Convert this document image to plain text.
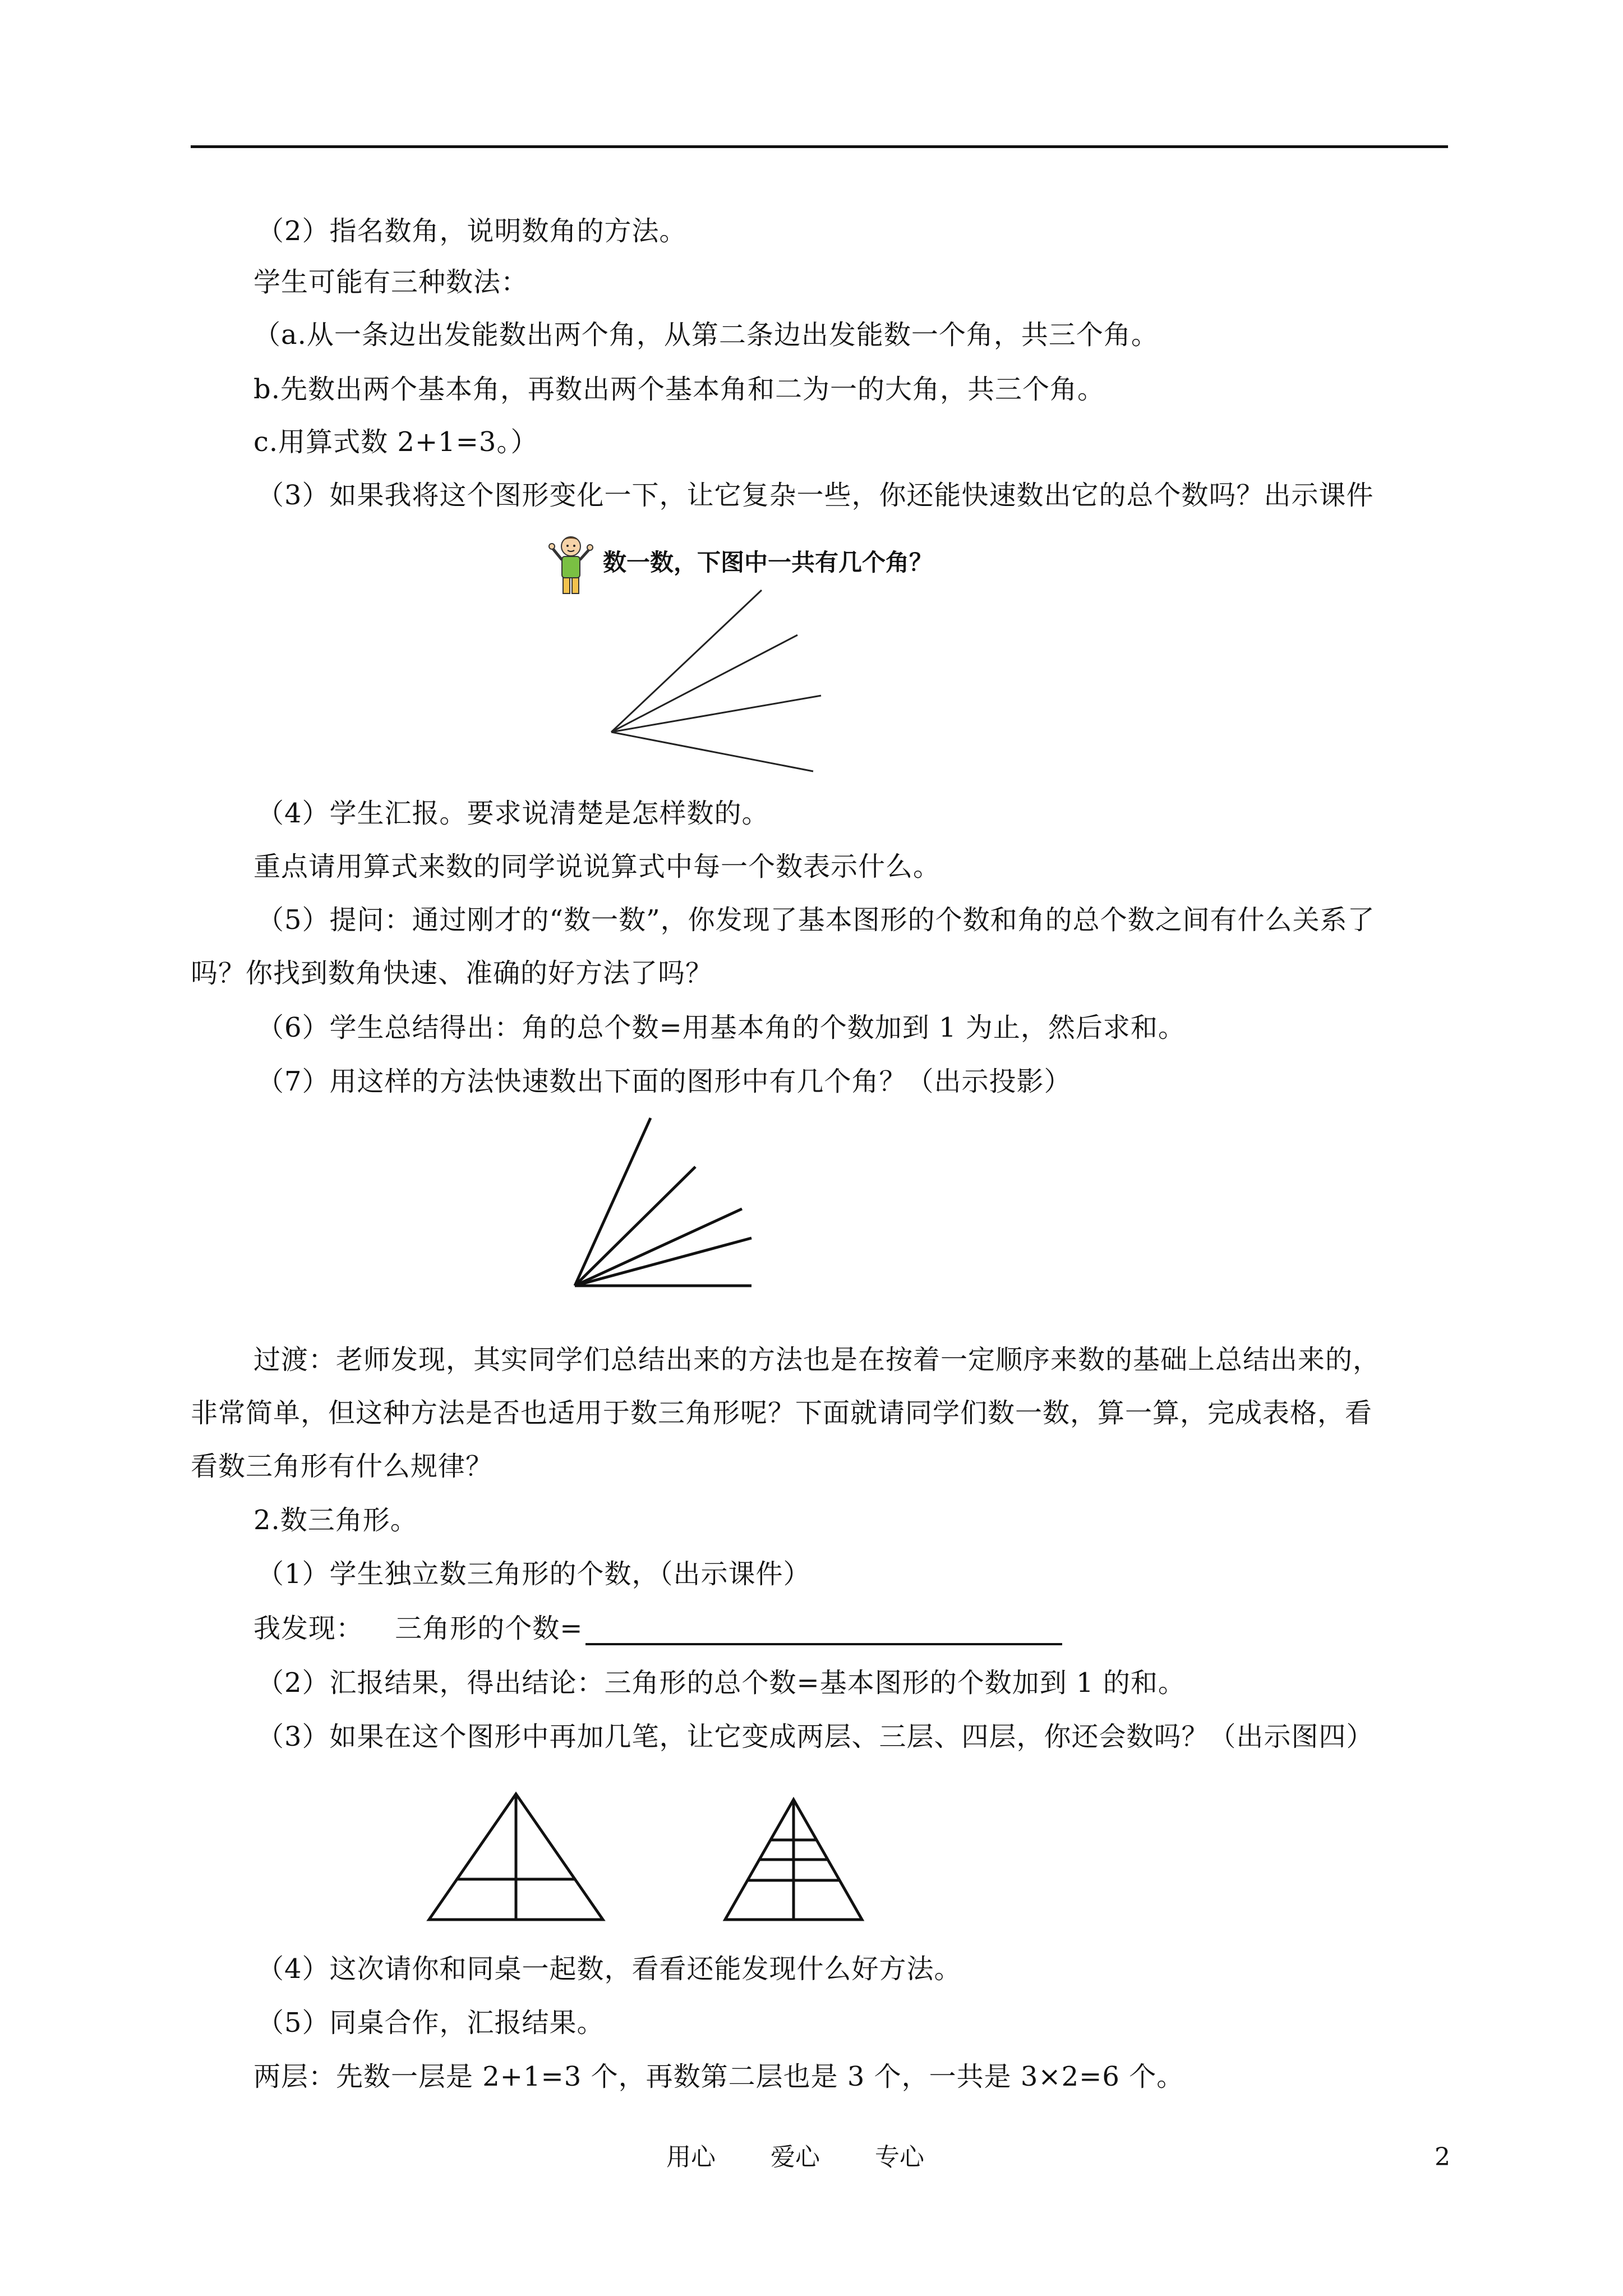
（2）指名数角，说明数角的方法。
学生可能有三种数法：
（a.从一条边出发能数出两个角，从第二条边出发能数一个角，共三个角。
b.先数出两个基本角，再数出两个基本角和二为一的大角，共三个角。
c.用算式数 2+1=3。）
（3）如果我将这个图形变化一下，让它复杂一些，你还能快速数出它的总个数吗？出示课件
数一数，下图中一共有几个角？
（4）学生汇报。要求说清楚是怎样数的。
重点请用算式来数的同学说说算式中每一个数表示什么。
（5）提问：通过刚才的“数一数”，你发现了基本图形的个数和角的总个数之间有什么关系了
吗？你找到数角快速、准确的好方法了吗？
（6）学生总结得出：角的总个数=用基本角的个数加到 1 为止，然后求和。
（7）用这样的方法快速数出下面的图形中有几个角？（出示投影）
过渡：老师发现，其实同学们总结出来的方法也是在按着一定顺序来数的基础上总结出来的，
非常简单，但这种方法是否也适用于数三角形呢？下面就请同学们数一数，算一算，完成表格，看
看数三角形有什么规律？
2.数三角形。
（1）学生独立数三角形的个数，（出示课件）
我发现： 三角形的个数=
（2）汇报结果，得出结论：三角形的总个数=基本图形的个数加到 1 的和。
（3）如果在这个图形中再加几笔，让它变成两层、三层、四层，你还会数吗？（出示图四）
（4）这次请你和同桌一起数，看看还能发现什么好方法。
（5）同桌合作，汇报结果。
两层：先数一层是 2+1=3 个，再数第二层也是 3 个，一共是 3×2=6 个。
用心 爱心 专心	2
